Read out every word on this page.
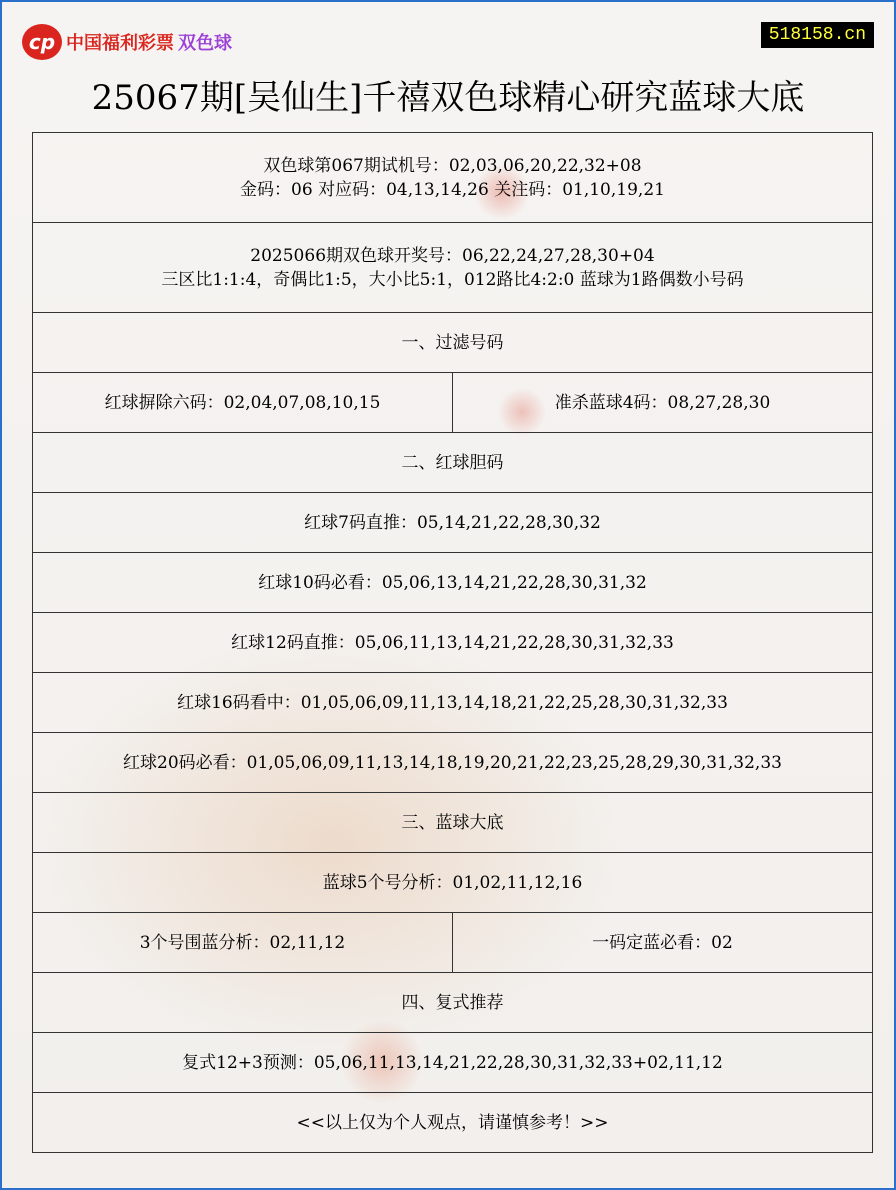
cp 中国福利彩票 双色球	518158.cn
25067期[吴仙生]千禧双色球精心研究蓝球大底
双色球第067期试机号：02,03,06,20,22,32+08
金码：06 对应码：04,13,14,26 关注码：01,10,19,21	

2025066期双色球开奖号：06,22,24,27,28,30+04
三区比1:1:4，奇偶比1:5，大小比5:1，012路比4:2:0 蓝球为1路偶数小号码	

一、过滤号码	
红球摒除六码：02,04,07,08,10,15	准杀蓝球4码：08,27,28,30
二、红球胆码	
红球7码直推：05,14,21,22,28,30,32	
红球10码必看：05,06,13,14,21,22,28,30,31,32	
红球12码直推：05,06,11,13,14,21,22,28,30,31,32,33	
红球16码看中：01,05,06,09,11,13,14,18,21,22,25,28,30,31,32,33	
红球20码必看：01,05,06,09,11,13,14,18,19,20,21,22,23,25,28,29,30,31,32,33	
三、蓝球大底	
蓝球5个号分析：01,02,11,12,16	
3个号围蓝分析：02,11,12	一码定蓝必看：02
四、复式推荐	
复式12+3预测：05,06,11,13,14,21,22,28,30,31,32,33+02,11,12	
<<以上仅为个人观点，请谨慎参考！>>	
